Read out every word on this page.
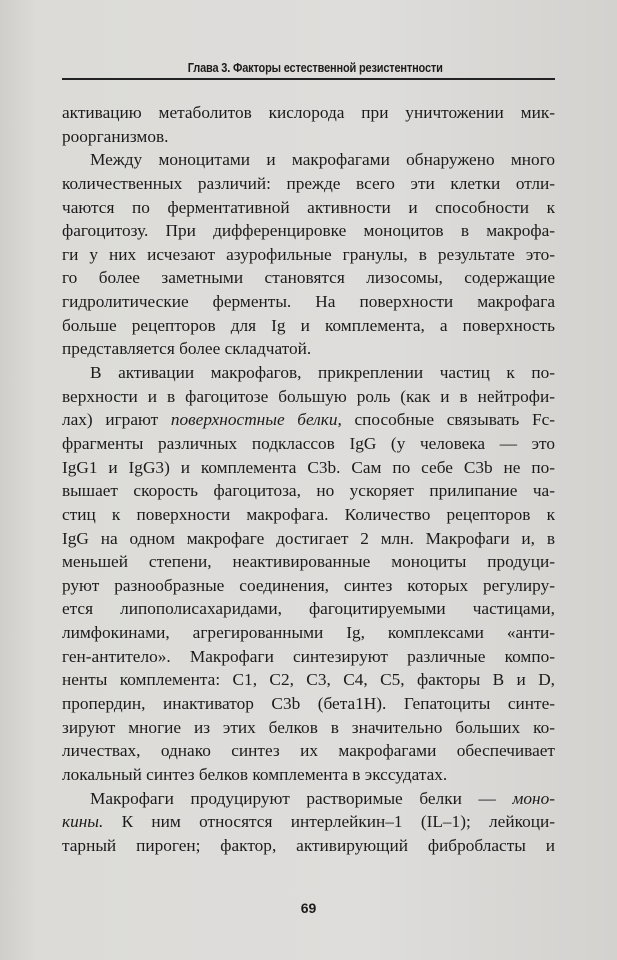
Глава 3. Факторы естественной резистентности
активацию метаболитов кислорода при уничтожении мик-
роорганизмов.
Между моноцитами и макрофагами обнаружено много
количественных различий: прежде всего эти клетки отли-
чаются по ферментативной активности и способности к
фагоцитозу. При дифференцировке моноцитов в макрофа-
ги у них исчезают азурофильные гранулы, в результате это-
го более заметными становятся лизосомы, содержащие
гидролитические ферменты. На поверхности макрофага
больше рецепторов для Ig и комплемента, а поверхность
представляется более складчатой.
В активации макрофагов, прикреплении частиц к по-
верхности и в фагоцитозе большую роль (как и в нейтрофи-
лах) играют поверхностные белки, способные связывать Fc-
фрагменты различных подклассов IgG (у человека — это
IgG1 и IgG3) и комплемента C3b. Сам по себе C3b не по-
вышает скорость фагоцитоза, но ускоряет прилипание ча-
стиц к поверхности макрофага. Количество рецепторов к
IgG на одном макрофаге достигает 2 млн. Макрофаги и, в
меньшей степени, неактивированные моноциты продуци-
руют разнообразные соединения, синтез которых регулиру-
ется липополисахаридами, фагоцитируемыми частицами,
лимфокинами, агрегированными Ig, комплексами «анти-
ген-антитело». Макрофаги синтезируют различные компо-
ненты комплемента: C1, C2, C3, C4, C5, факторы B и D,
пропердин, инактиватор C3b (бета1H). Гепатоциты синте-
зируют многие из этих белков в значительно больших ко-
личествах, однако синтез их макрофагами обеспечивает
локальный синтез белков комплемента в экссудатах.
Макрофаги продуцируют растворимые белки — моно-
кины. К ним относятся интерлейкин–1 (IL–1); лейкоци-
тарный пироген; фактор, активирующий фибробласты и
69
